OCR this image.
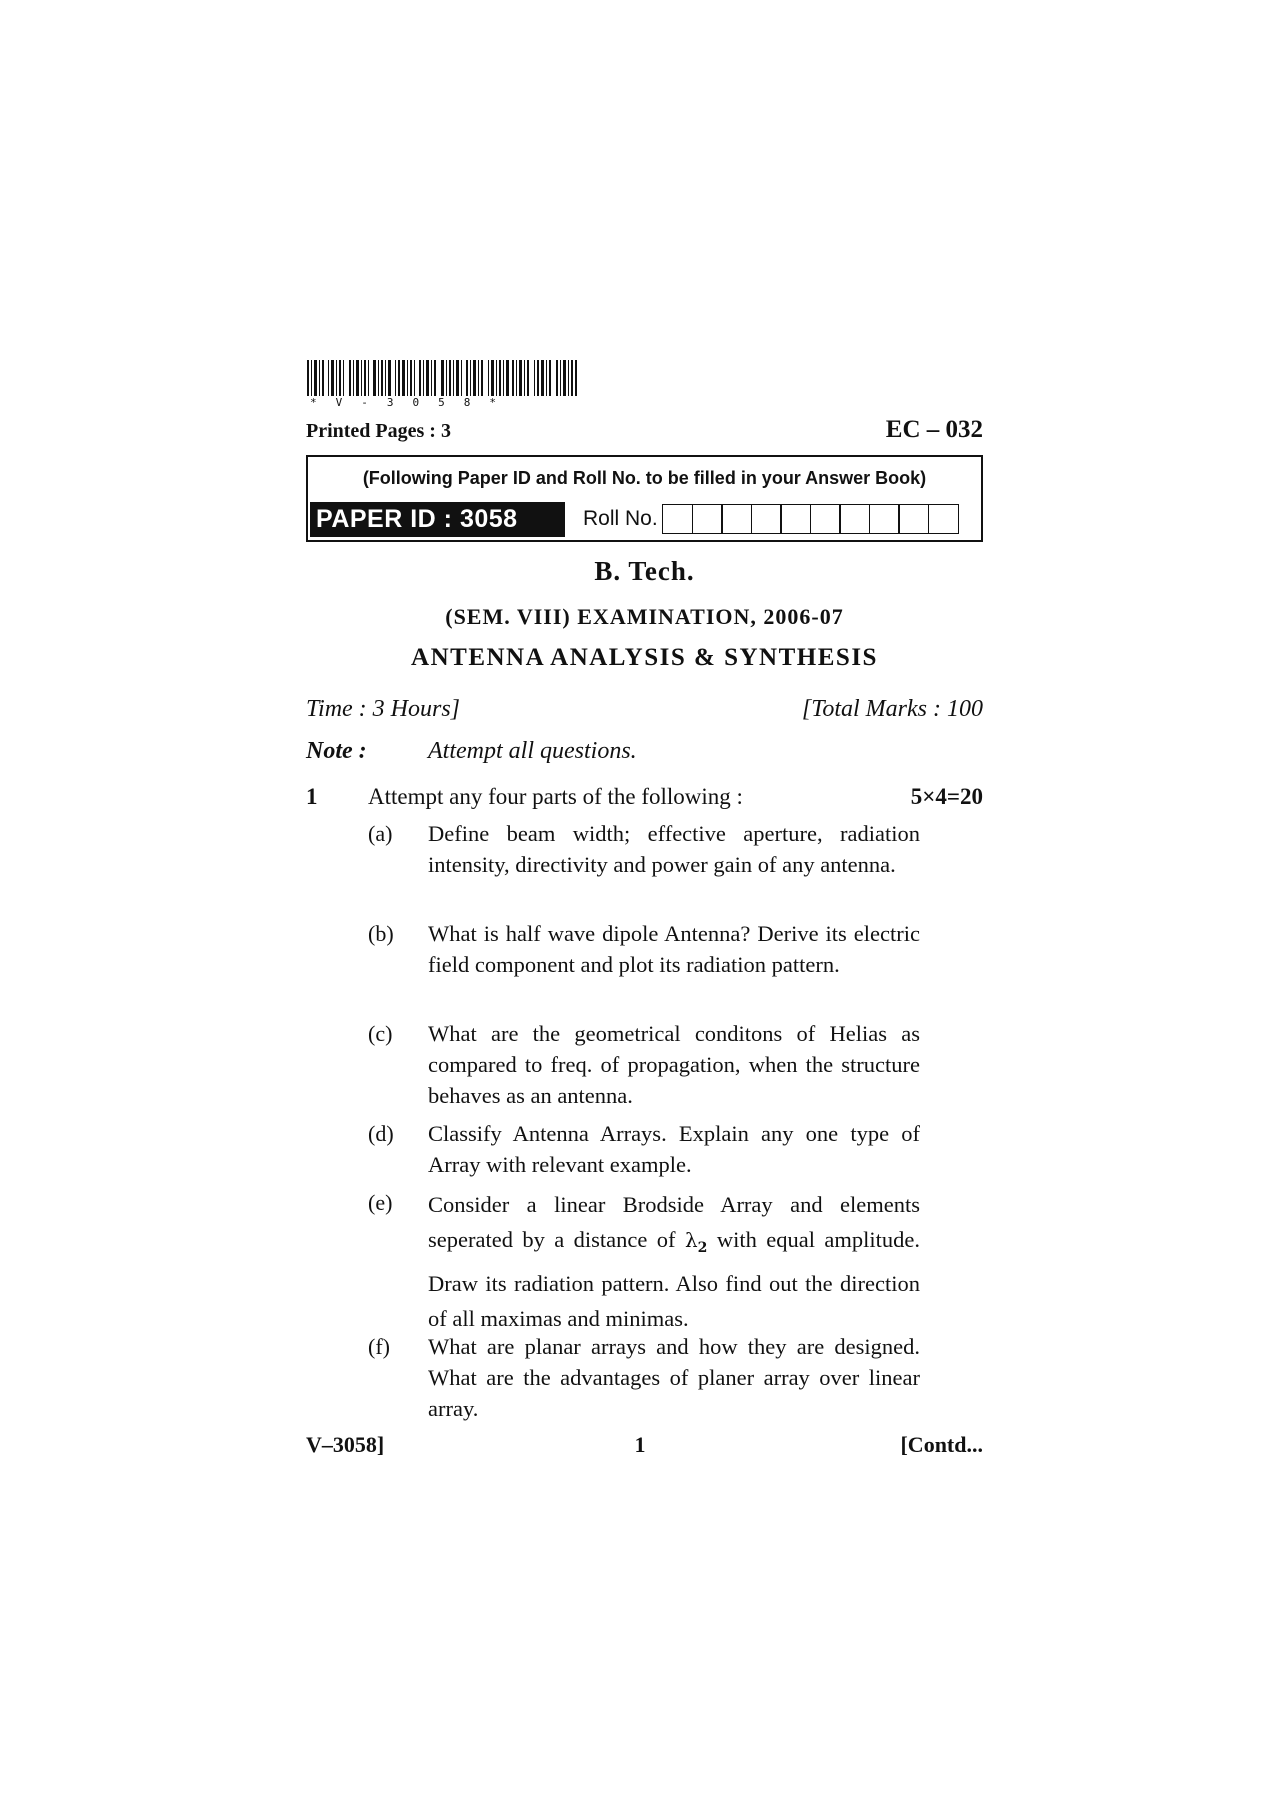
*V-3058*
Printed Pages : 3	EC – 032
(Following Paper ID and Roll No. to be filled in your Answer Book)
PAPER ID : 3058	Roll No.
B. Tech.
(SEM. VIII) EXAMINATION, 2006-07
ANTENNA ANALYSIS & SYNTHESIS
Time : 3 Hours]	[Total Marks : 100
Note :	Attempt all questions.
1 Attempt any four parts of the following :	5×4=20
(a) Define beam width; effective aperture, radiation intensity, directivity and power gain of any antenna.
(b) What is half wave dipole Antenna? Derive its electric field component and plot its radiation pattern.
(c) What are the geometrical conditons of Helias as compared to freq. of propagation, when the structure behaves as an antenna.
(d) Classify Antenna Arrays. Explain any one type of Array with relevant example.
(e) Consider a linear Brodside Array and elements seperated by a distance of $\lambda_2$ with equal amplitude. Draw its radiation pattern. Also find out the direction of all maximas and minimas.
(f) What are planar arrays and how they are designed. What are the advantages of planer array over linear array.
V–3058]	1	[Contd...
